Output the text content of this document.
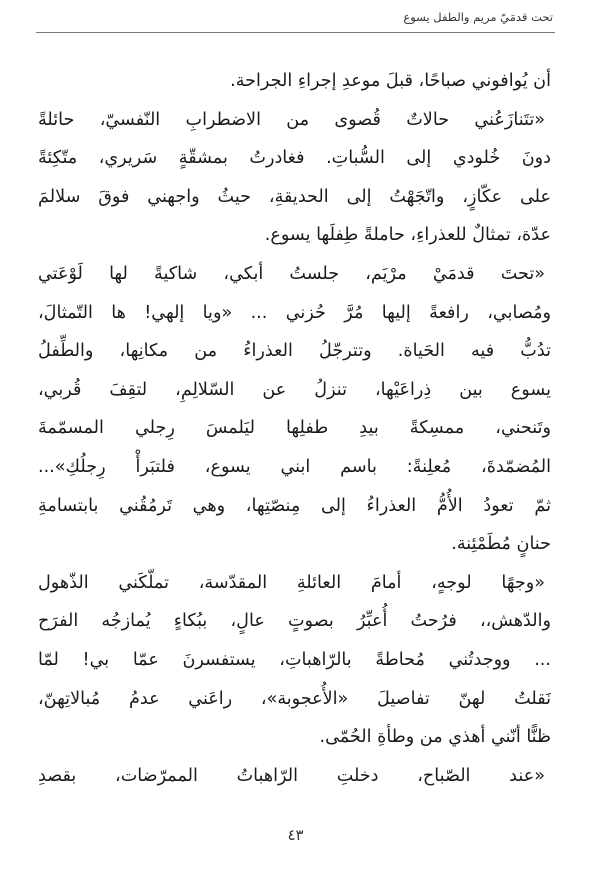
تحت قدمَيّ مريم والطفل يسوع
أن يُوافوني صباحًا، قبلَ موعدِ إجراءِ الجراحة.
«تتَنازَعُني حالاتٌ قُصوى من الاضطرابِ النّفسيّ، حائلةً
دونَ خُلودي إلى السُّباتِ. فغادرتُ بمشقّةٍ سَريري، متّكِئةً
على عكّازٍ، واتّجَهْتُ إلى الحديقةِ، حيثُ واجهني فوقَ سلالمَ
عدّة، تمثالٌ للعذراءِ، حاملةً طِفلَها يسوع.
«تحتَ قدمَيْ مرْيَم، جلستُ أبكي، شاكيةً لها لَوْعَتي
ومُصابي، رافعةً إليها مُرَّ حُزني ... «ويا إلهي! ها التّمثالَ،
تدُبُّ فيه الحَياة. وتترجّلُ العذراءُ من مكانِها، والطِّفلُ
يسوع بين ذِراعَيْها، تنزلُ عن السّلالِمِ، لتقِفَ قُربي،
وتَنحني، ممسِكةً بيدِ طفلِها ليَلمسَ رِجلي المسمّمةَ
المُضمّدةَ، مُعلِنةً: باسم ابني يسوع، فلتبَرأْ رِجلُكِ»...
ثمّ تعودُ الأُمُّ العذراءُ إلى مِنصّتِها، وهي تَرمُقُني بابتسامةِ
حنانٍ مُطَمْئِنة.
«وجهًا لوجهٍ، أمامَ العائلةِ المقدّسة، تملّكَني الذّهول
والدّهش،، فرُحتُ أُعبِّرُ بصوتٍ عالٍ، ببُكاءٍ يُمازجُه الفرَح
... ووجدتُني مُحاطةً بالرّاهباتِ، يستفسرنَ عمّا بي! لمّا
نَقلتُ لهنّ تفاصيلَ «الأُعجوبة»، راعَني عدمُ مُبالاتِهنّ،
ظنًّا أنّني أهذي من وطأةِ الحُمّى.
«عند الصّباح، دخلتِ الرّاهباتُ الممرّضات، بقصدِ
٤٣
